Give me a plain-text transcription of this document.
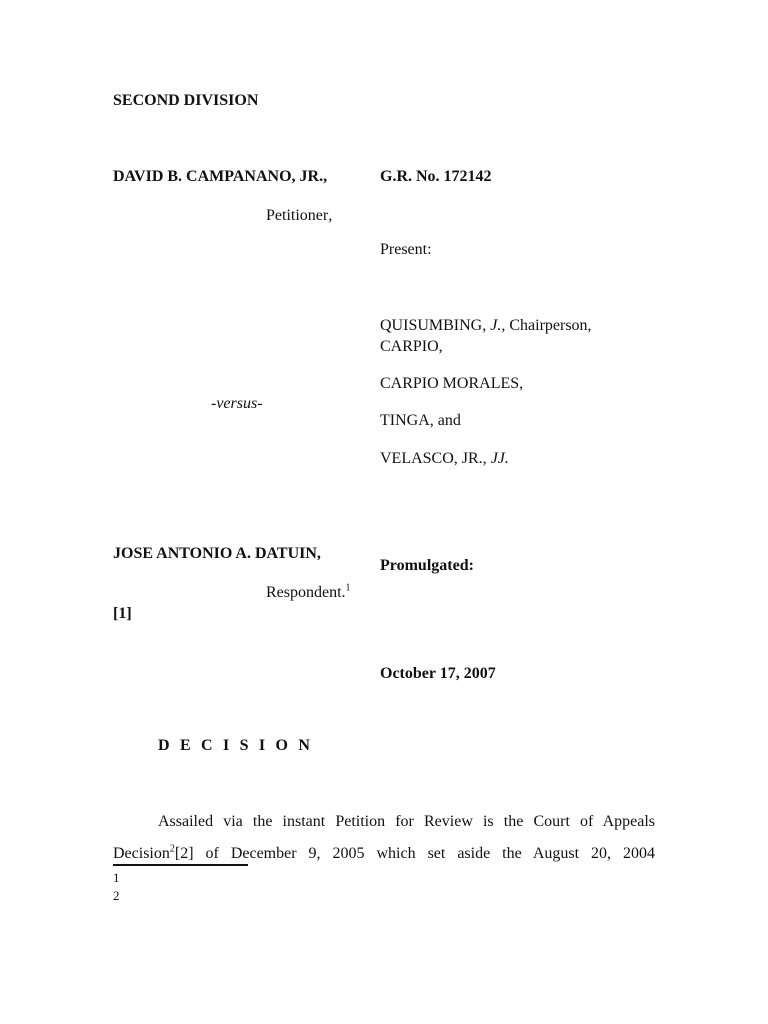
SECOND DIVISION
DAVID B. CAMPANANO, JR.,	G.R. No. 172142
Petitioner,
Present:
QUISUMBING, J., Chairperson,
CARPIO,
CARPIO MORALES,
-versus-
TINGA, and
VELASCO, JR., JJ.
JOSE ANTONIO A. DATUIN,
Promulgated:
Respondent.$^1$
[1]
October 17, 2007
D E C I S I O N
Assailed via the instant Petition for Review is the Court of Appeals
Decision$^2$[2] of December 9, 2005 which set aside the August 20, 2004
1
2
